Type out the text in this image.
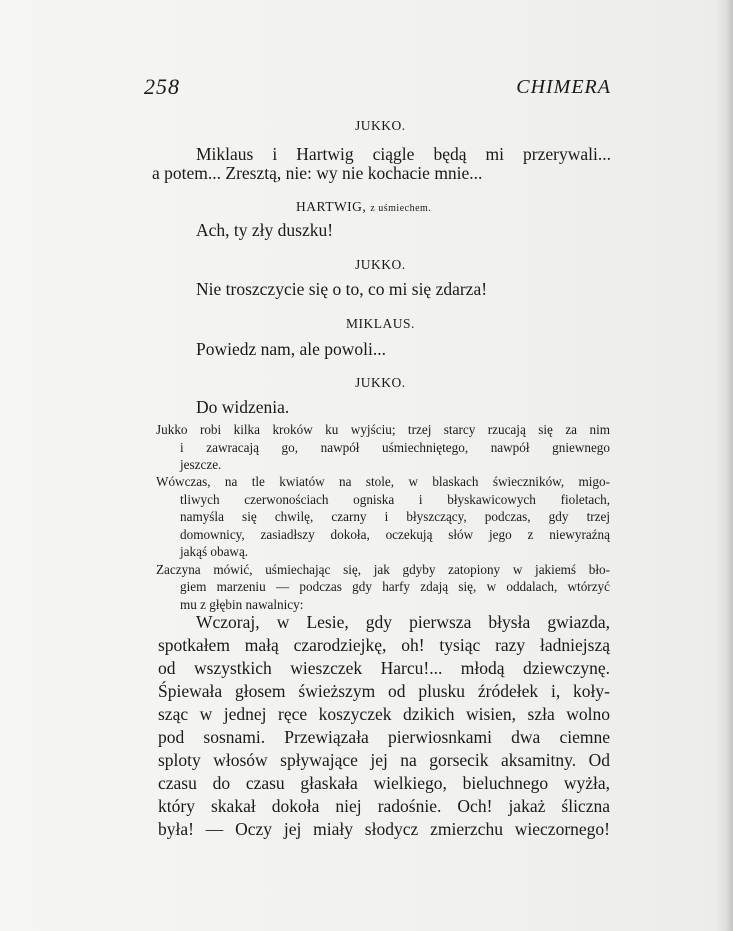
258	CHIMERA
JUKKO.
Miklaus i Hartwig ciągle będą mi przerywali...
a potem... Zresztą, nie: wy nie kochacie mnie...
HARTWIG, z uśmiechem.
Ach, ty zły duszku!
JUKKO.
Nie troszczycie się o to, co mi się zdarza!
MIKLAUS.
Powiedz nam, ale powoli...
JUKKO.
Do widzenia.
Jukko robi kilka kroków ku wyjściu; trzej starcy rzucają się za nim
i zawracają go, nawpół uśmiechniętego, nawpół gniewnego
jeszcze.
Wówczas, na tle kwiatów na stole, w blaskach świeczników, migo-
tliwych czerwonościach ogniska i błyskawicowych fioletach,
namyśla się chwilę, czarny i błyszczący, podczas, gdy trzej
domownicy, zasiadłszy dokoła, oczekują słów jego z niewyraźną
jakąś obawą.
Zaczyna mówić, uśmiechając się, jak gdyby zatopiony w jakiemś bło-
giem marzeniu — podczas gdy harfy zdają się, w oddalach, wtórzyć
mu z głębin nawalnicy:
Wczoraj, w Lesie, gdy pierwsza błysła gwiazda,
spotkałem małą czarodziejkę, oh! tysiąc razy ładniejszą
od wszystkich wieszczek Harcu!... młodą dziewczynę.
Śpiewała głosem świeższym od plusku źródełek i, koły-
sząc w jednej ręce koszyczek dzikich wisien, szła wolno
pod sosnami. Przewiązała pierwiosnkami dwa ciemne
sploty włosów spływające jej na gorsecik aksamitny. Od
czasu do czasu głaskała wielkiego, bieluchnego wyżła,
który skakał dokoła niej radośnie. Och! jakaż śliczna
była! — Oczy jej miały słodycz zmierzchu wieczornego!
